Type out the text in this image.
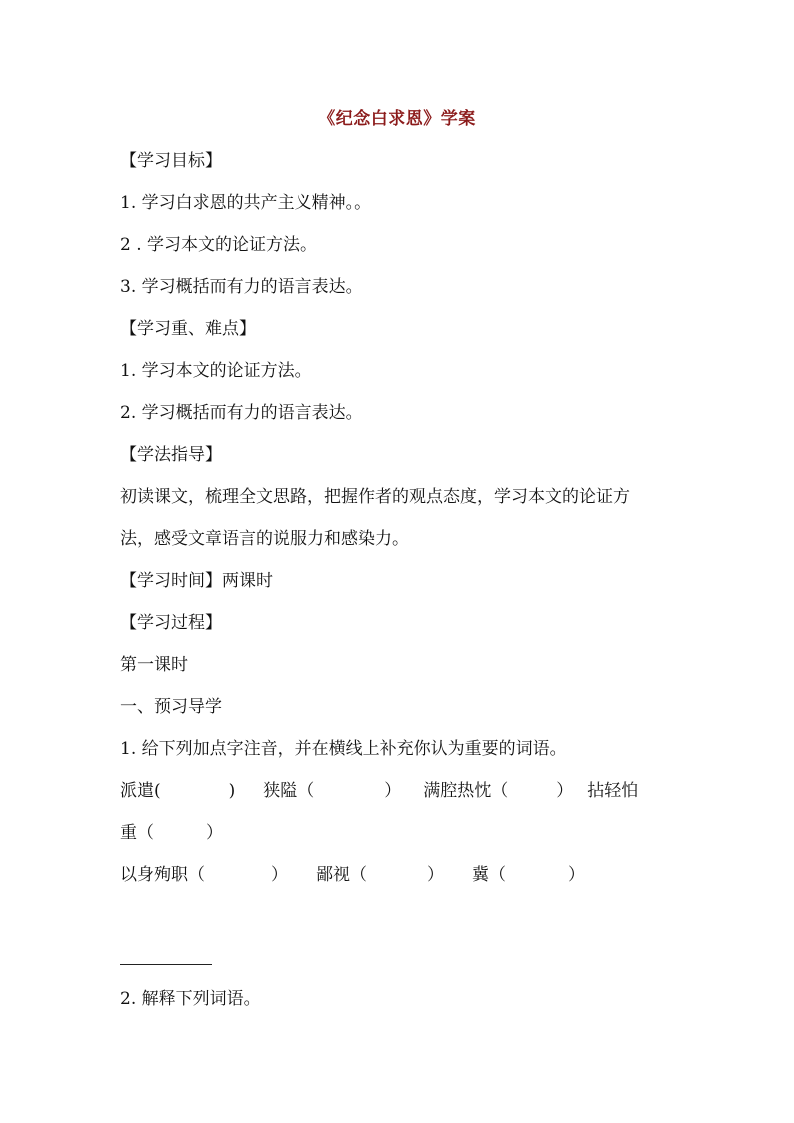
《纪念白求恩》学案
【学习目标】
1. 学习白求恩的共产主义精神。。
2 . 学习本文的论证方法。
3. 学习概括而有力的语言表达。
【学习重、难点】
1. 学习本文的论证方法。
2. 学习概括而有力的语言表达。
【学法指导】
初读课文，梳理全文思路，把握作者的观点态度，学习本文的论证方
法，感受文章语言的说服力和感染力。
【学习时间】两课时
【学习过程】
第一课时
一、预习导学
1. 给下列加点字注音，并在横线上补充你认为重要的词语。
派遣(	) 狭隘（	） 满腔热忱（	） 拈轻怕
重（	）
以身殉职（	） 鄙视（	） 冀（	）
2. 解释下列词语。
